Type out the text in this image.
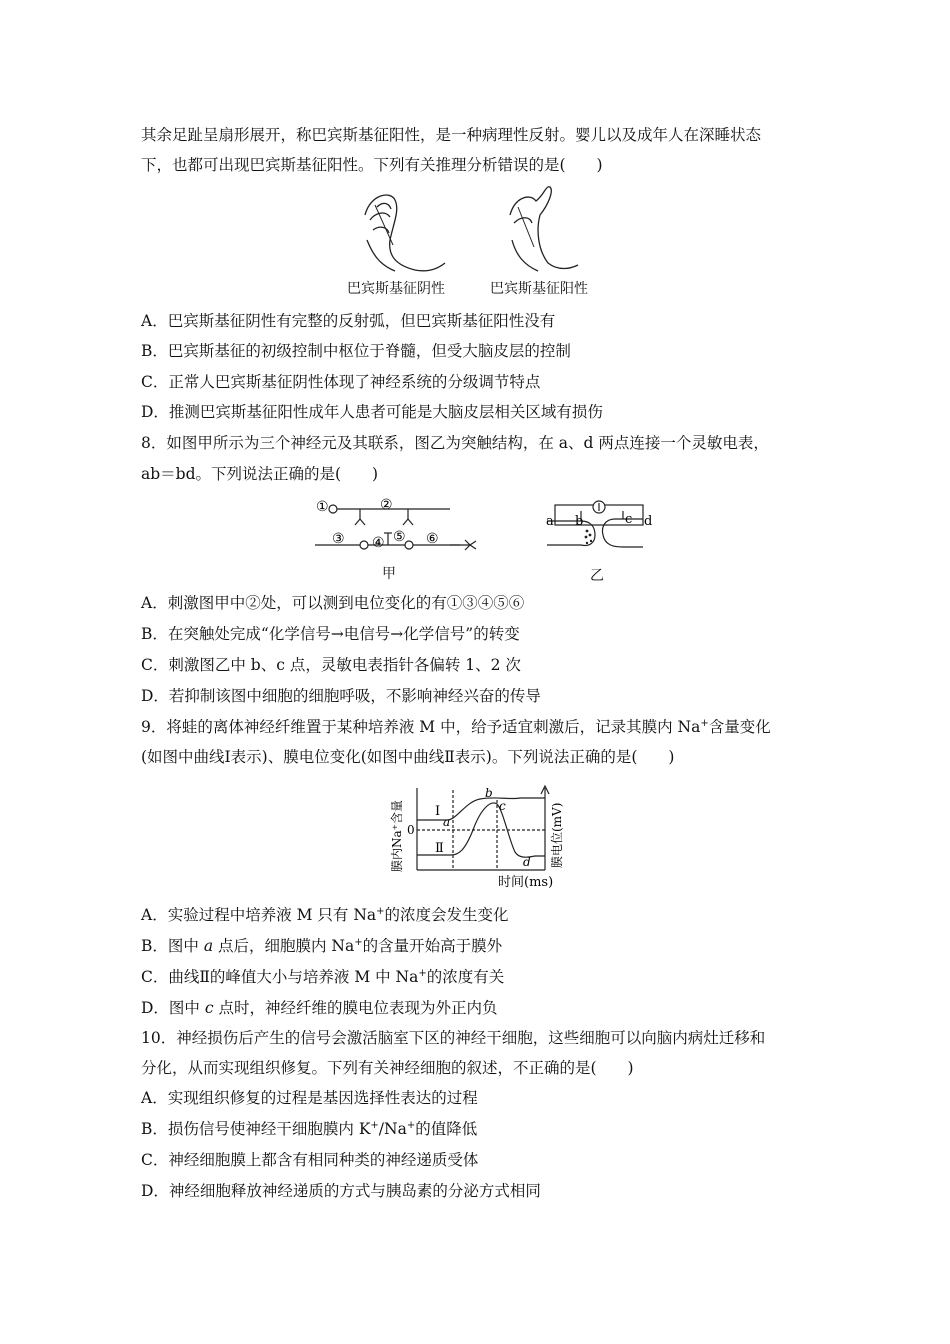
其余足趾呈扇形展开，称巴宾斯基征阳性，是一种病理性反射。婴儿以及成年人在深睡状态
下，也都可出现巴宾斯基征阳性。下列有关推理分析错误的是(　　)
巴宾斯基征阴性	巴宾斯基征阳性
A．巴宾斯基征阴性有完整的反射弧，但巴宾斯基征阳性没有
B．巴宾斯基征的初级控制中枢位于脊髓，但受大脑皮层的控制
C．正常人巴宾斯基征阴性体现了神经系统的分级调节特点
D．推测巴宾斯基征阳性成年人患者可能是大脑皮层相关区域有损伤
8．如图甲所示为三个神经元及其联系，图乙为突触结构，在 a、d 两点连接一个灵敏电表，
ab＝bd。下列说法正确的是(　　)
①	②
③ ④ ⑤ ⑥
甲
a b	c d
乙
A．刺激图甲中②处，可以测到电位变化的有①③④⑤⑥
B．在突触处完成“化学信号→电信号→化学信号”的转变
C．刺激图乙中 b、c 点，灵敏电表指针各偏转 1、2 次
D．若抑制该图中细胞的细胞呼吸，不影响神经兴奋的传导
9．将蛙的离体神经纤维置于某种培养液 M 中，给予适宜刺激后，记录其膜内 Na+含量变化
(如图中曲线Ⅰ表示)、膜电位变化(如图中曲线Ⅱ表示)。下列说法正确的是(　　)
Ⅰ
a
Ⅱ
b
c
d
0
时间(ms)
膜内Na⁺含量	膜电位(mV)
A．实验过程中培养液 M 只有 Na+的浓度会发生变化
B．图中 a 点后，细胞膜内 Na+的含量开始高于膜外
C．曲线Ⅱ的峰值大小与培养液 M 中 Na+的浓度有关
D．图中 c 点时，神经纤维的膜电位表现为外正内负
10．神经损伤后产生的信号会激活脑室下区的神经干细胞，这些细胞可以向脑内病灶迁移和
分化，从而实现组织修复。下列有关神经细胞的叙述，不正确的是(　　)
A．实现组织修复的过程是基因选择性表达的过程
B．损伤信号使神经干细胞膜内 K+/Na+的值降低
C．神经细胞膜上都含有相同种类的神经递质受体
D．神经细胞释放神经递质的方式与胰岛素的分泌方式相同
